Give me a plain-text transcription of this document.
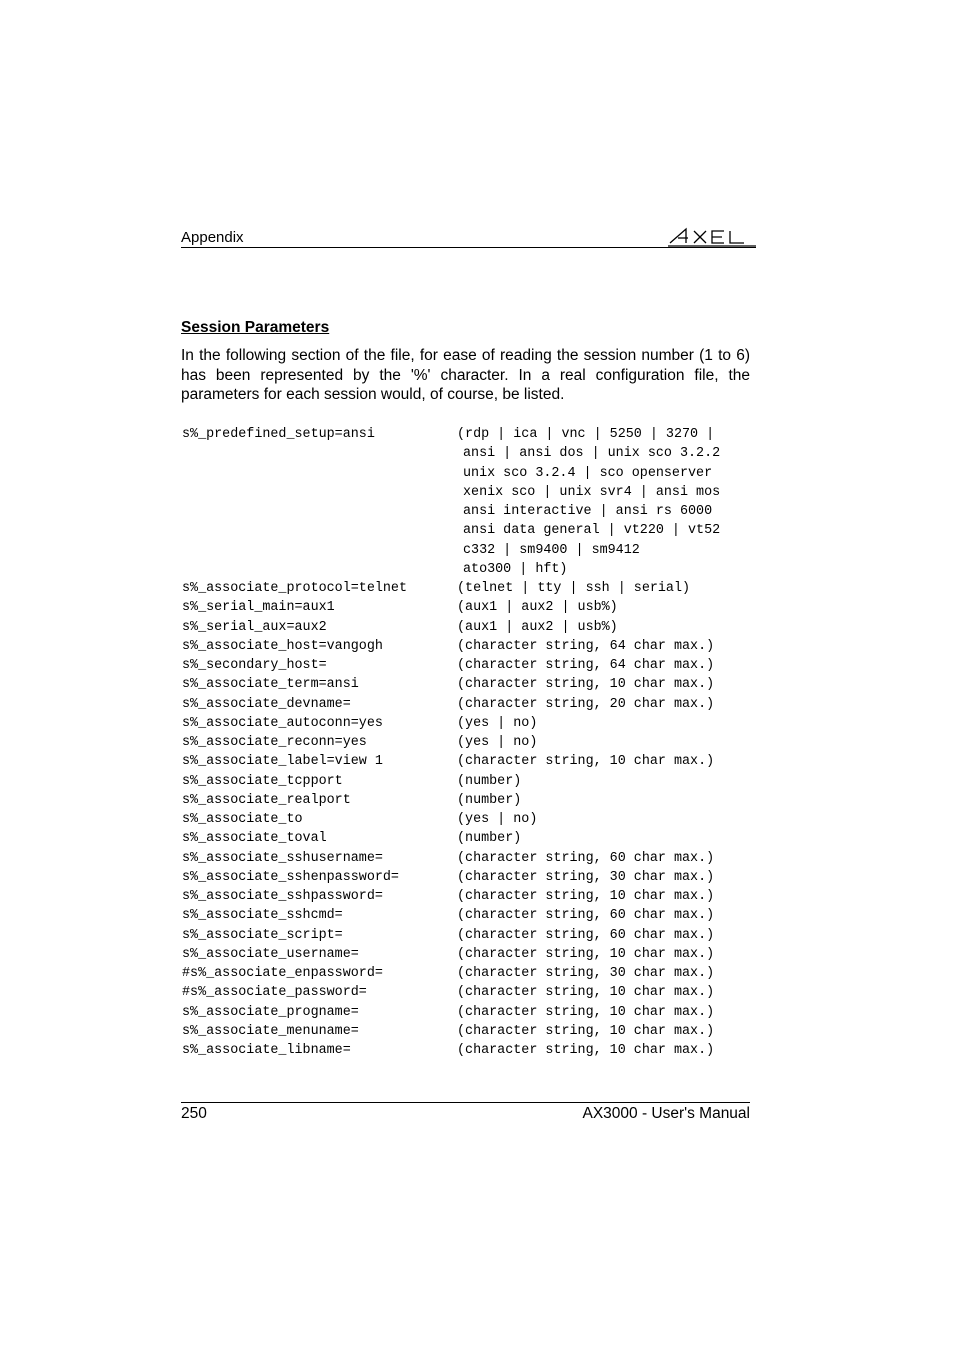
Appendix
Session Parameters

In the following section of the file, for ease of reading the session number (1 to 6) has been represented by the '%' character. In a real configuration file, the parameters for each session would, of course, be listed.

s%_predefined_setup=ansi	(rdp | ica | vnc | 5250 | 3270 |
ansi | ansi dos | unix sco 3.2.2
unix sco 3.2.4 | sco openserver
xenix sco | unix svr4 | ansi mos
ansi interactive | ansi rs 6000
ansi data general | vt220 | vt52
c332 | sm9400 | sm9412
ato300 | hft)
s%_associate_protocol=telnet	(telnet | tty | ssh | serial)
s%_serial_main=aux1	(aux1 | aux2 | usb%)
s%_serial_aux=aux2	(aux1 | aux2 | usb%)
s%_associate_host=vangogh	(character string, 64 char max.)
s%_secondary_host=	(character string, 64 char max.)
s%_associate_term=ansi	(character string, 10 char max.)
s%_associate_devname=	(character string, 20 char max.)
s%_associate_autoconn=yes	(yes | no)
s%_associate_reconn=yes	(yes | no)
s%_associate_label=view 1	(character string, 10 char max.)
s%_associate_tcpport	(number)
s%_associate_realport	(number)
s%_associate_to	(yes | no)
s%_associate_toval	(number)
s%_associate_sshusername=	(character string, 60 char max.)
s%_associate_sshenpassword=	(character string, 30 char max.)
s%_associate_sshpassword=	(character string, 10 char max.)
s%_associate_sshcmd=	(character string, 60 char max.)
s%_associate_script=	(character string, 60 char max.)
s%_associate_username=	(character string, 10 char max.)
#s%_associate_enpassword=	(character string, 30 char max.)
#s%_associate_password=	(character string, 10 char max.)
s%_associate_progname=	(character string, 10 char max.)
s%_associate_menuname=	(character string, 10 char max.)
s%_associate_libname=	(character string, 10 char max.)
250	AX3000 - User's Manual
